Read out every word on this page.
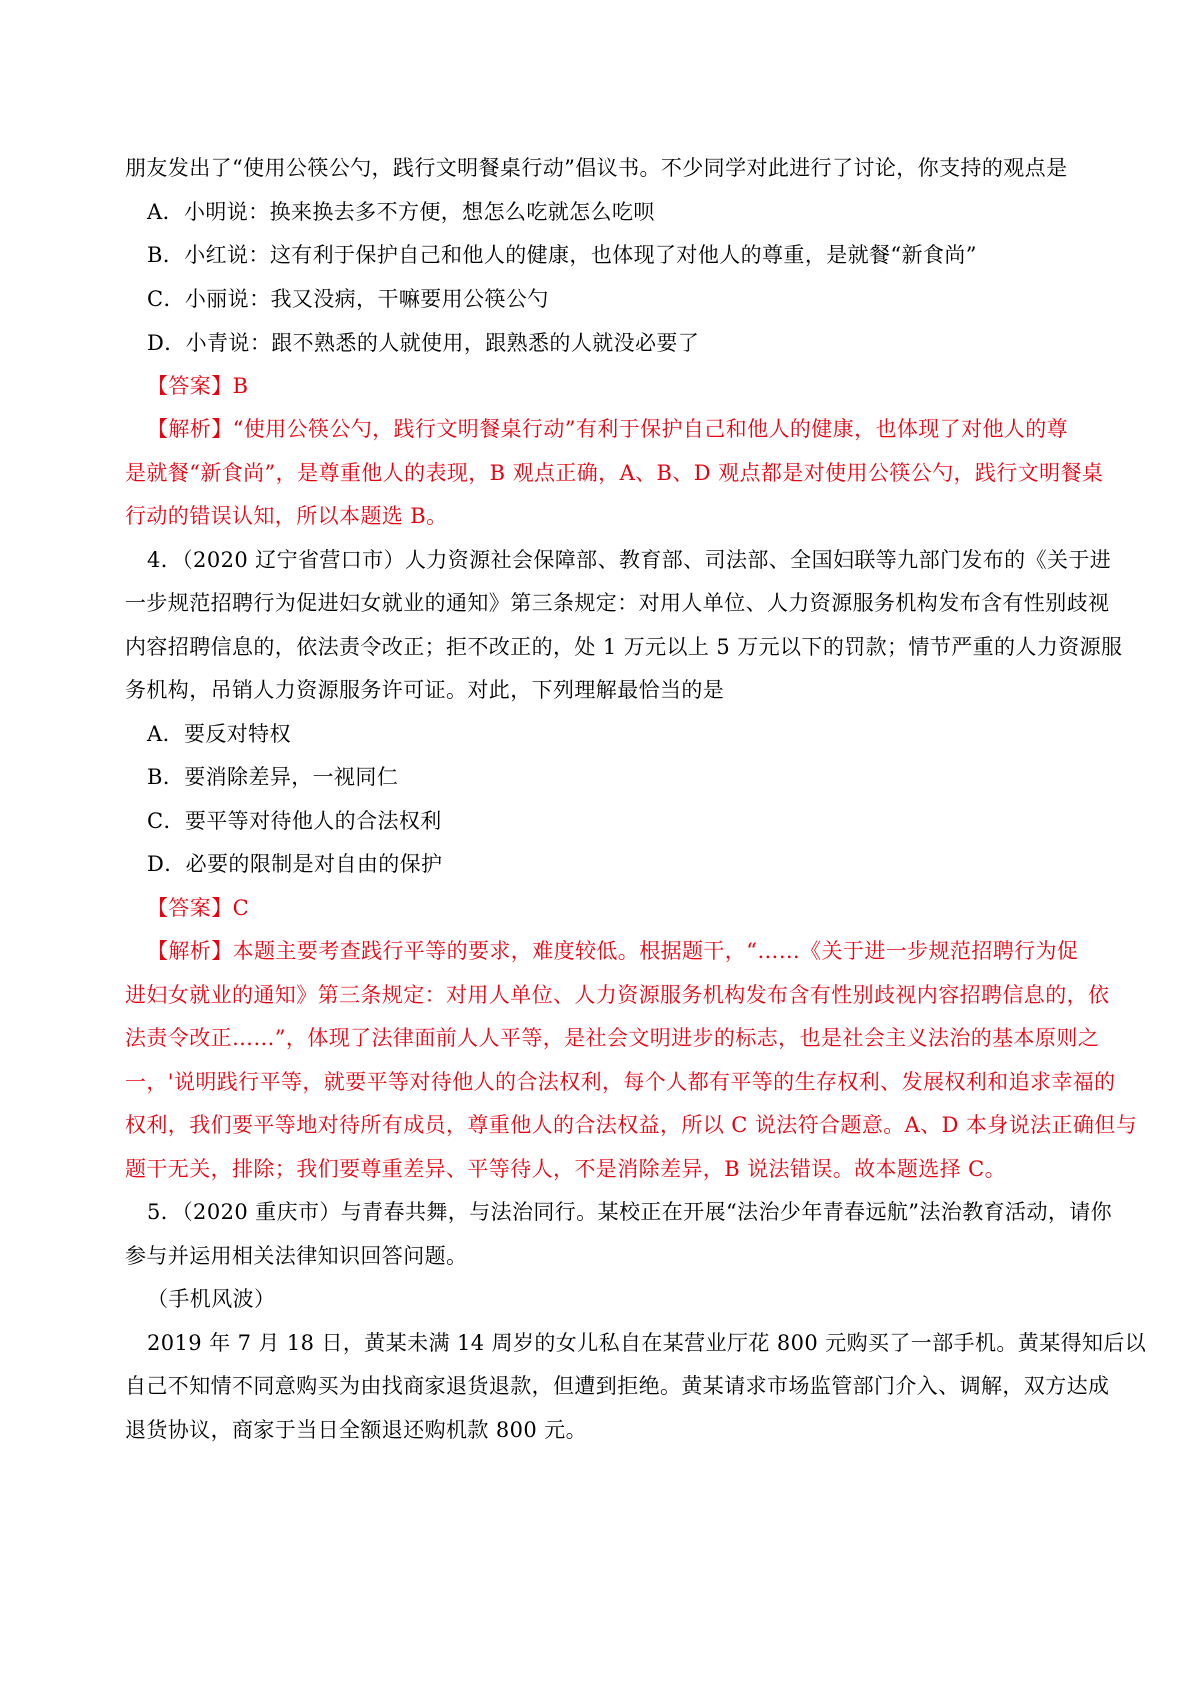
朋友发出了“使用公筷公勺，践行文明餐桌行动”倡议书。不少同学对此进行了讨论，你支持的观点是
A．小明说：换来换去多不方便，想怎么吃就怎么吃呗
B．小红说：这有利于保护自己和他人的健康，也体现了对他人的尊重，是就餐“新食尚”
C．小丽说：我又没病，干嘛要用公筷公勺
D．小青说：跟不熟悉的人就使用，跟熟悉的人就没必要了
【答案】B
【解析】“使用公筷公勺，践行文明餐桌行动”有利于保护自己和他人的健康，也体现了对他人的尊
是就餐“新食尚”，是尊重他人的表现，B 观点正确，A、B、D 观点都是对使用公筷公勺，践行文明餐桌
行动的错误认知，所以本题选 B。
4．（2020 辽宁省营口市）人力资源社会保障部、教育部、司法部、全国妇联等九部门发布的《关于进
一步规范招聘行为促进妇女就业的通知》第三条规定：对用人单位、人力资源服务机构发布含有性别歧视
内容招聘信息的，依法责令改正；拒不改正的，处 1 万元以上 5 万元以下的罚款；情节严重的人力资源服
务机构，吊销人力资源服务许可证。对此，下列理解最恰当的是
A．要反对特权
B．要消除差异，一视同仁
C．要平等对待他人的合法权利
D．必要的限制是对自由的保护
【答案】C
【解析】本题主要考查践行平等的要求，难度较低。根据题干，“……《关于进一步规范招聘行为促
进妇女就业的通知》第三条规定：对用人单位、人力资源服务机构发布含有性别歧视内容招聘信息的，依
法责令改正……”，体现了法律面前人人平等，是社会文明进步的标志，也是社会主义法治的基本原则之
一，'说明践行平等，就要平等对待他人的合法权利，每个人都有平等的生存权利、发展权利和追求幸福的
权利，我们要平等地对待所有成员，尊重他人的合法权益，所以 C 说法符合题意。A、D 本身说法正确但与
题干无关，排除；我们要尊重差异、平等待人，不是消除差异，B 说法错误。故本题选择 C。
5．（2020 重庆市）与青春共舞，与法治同行。某校正在开展“法治少年青春远航”法治教育活动，请你
参与并运用相关法律知识回答问题。
（手机风波）
2019 年 7 月 18 日，黄某未满 14 周岁的女儿私自在某营业厅花 800 元购买了一部手机。黄某得知后以
自己不知情不同意购买为由找商家退货退款，但遭到拒绝。黄某请求市场监管部门介入、调解，双方达成
退货协议，商家于当日全额退还购机款 800 元。
